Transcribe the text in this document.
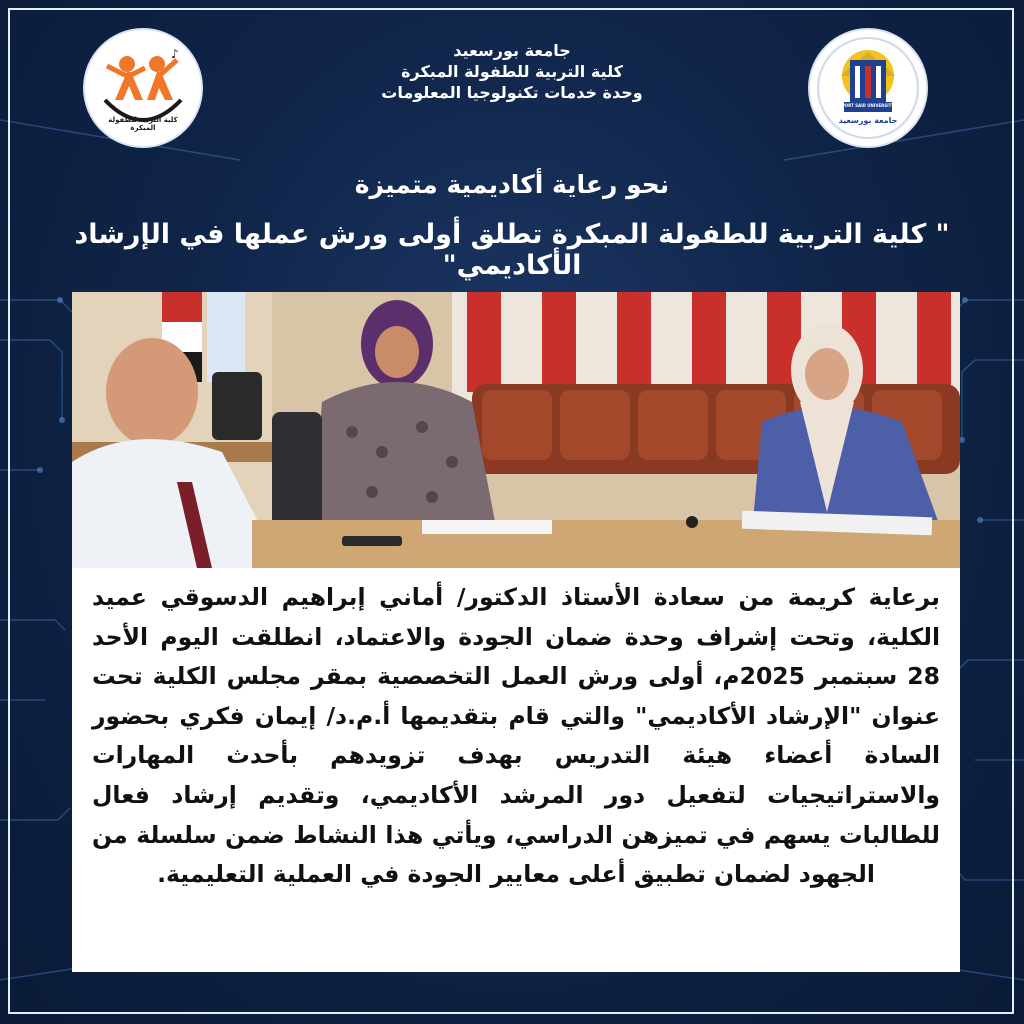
♪
كلية التربية للطفولة المبكرة
PORT SAID UNIVERSITY
جامعة بورسعيد
جامعة بورسعيد
كلية التربية للطفولة المبكرة
وحدة خدمات تكنولوجيا المعلومات
نحو رعاية أكاديمية متميزة
" كلية التربية للطفولة المبكرة تطلق أولى ورش عملها في الإرشاد الأكاديمي"
برعاية كريمة من سعادة الأستاذ الدكتور/ أماني إبراهيم الدسوقي عميد الكلية، وتحت إشراف وحدة ضمان الجودة والاعتماد، انطلقت اليوم الأحد 28 سبتمبر 2025م، أولى ورش العمل التخصصية بمقر مجلس الكلية تحت عنوان "الإرشاد الأكاديمي" والتي قام بتقديمها أ.م.د/ إيمان فكري بحضور السادة أعضاء هيئة التدريس بهدف تزويدهم بأحدث المهارات والاستراتيجيات لتفعيل دور المرشد الأكاديمي، وتقديم إرشاد فعال للطالبات يسهم في تميزهن الدراسي، ويأتي هذا النشاط ضمن سلسلة من الجهود لضمان تطبيق أعلى معايير الجودة في العملية التعليمية.
